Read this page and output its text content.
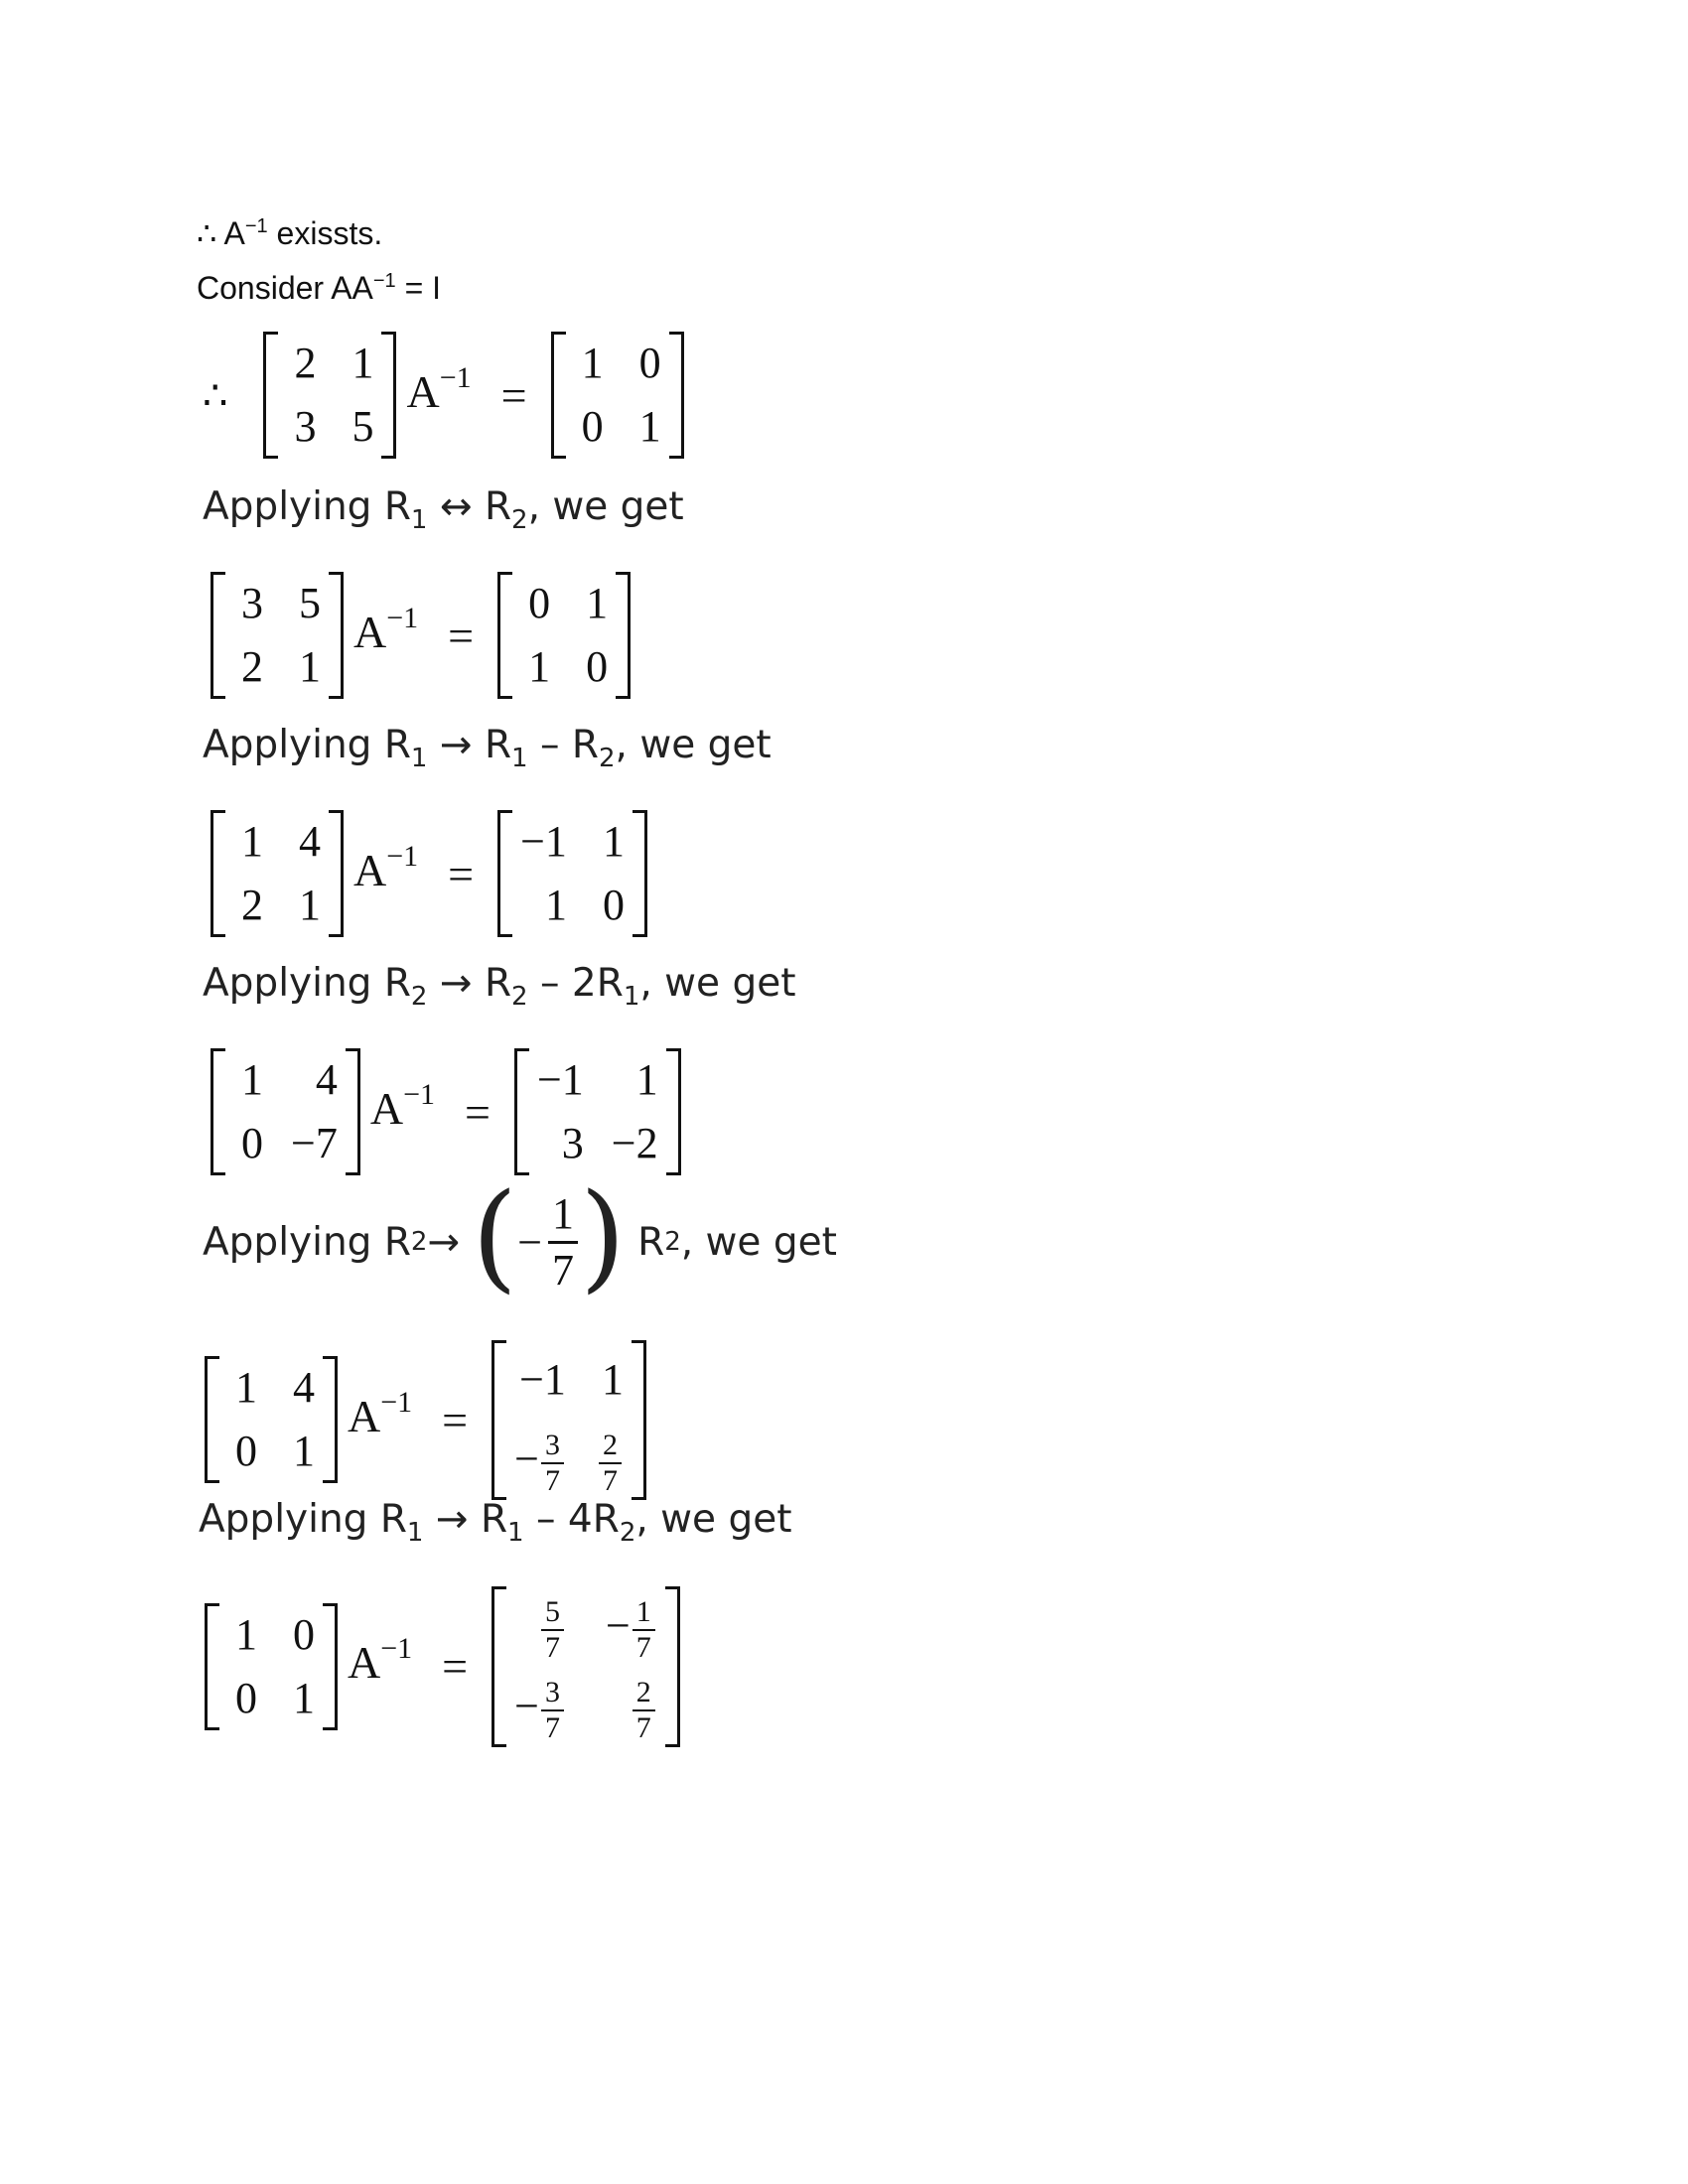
∴ $A^{-1}$ exissts.
Consider $AA^{-1} = I$
∴
2 1
3 5
$A^{-1}$ =
1 0
0 1
Applying $R_1$ ↔ $R_2$, we get
3 5
2 1
$A^{-1}$ =
0 1
1 0
Applying $R_1 \to R_1 - R_2$, we get
1 4
2 1
$A^{-1}$ =
−1 1
1 0
Applying $R_2 \to R_2 - 2R_1$, we get
1	4
0 −7
$A^{-1}$ =
−1	1
3 −2
Applying R 2 → ( − $\frac{1}{7}$ ) R 2 , we get
1 4
0 1
$A^{-1}$ =
−1 1
− $\frac{3}{7} \frac{2}{7}$
Applying $R_1 \to R_1 - 4R_2$, we get
1 0
0 1
$A^{-1}$ =
$\frac{5}{7} - \frac{1}{7}$
− $\frac{3}{7} \frac{2}{7}$
